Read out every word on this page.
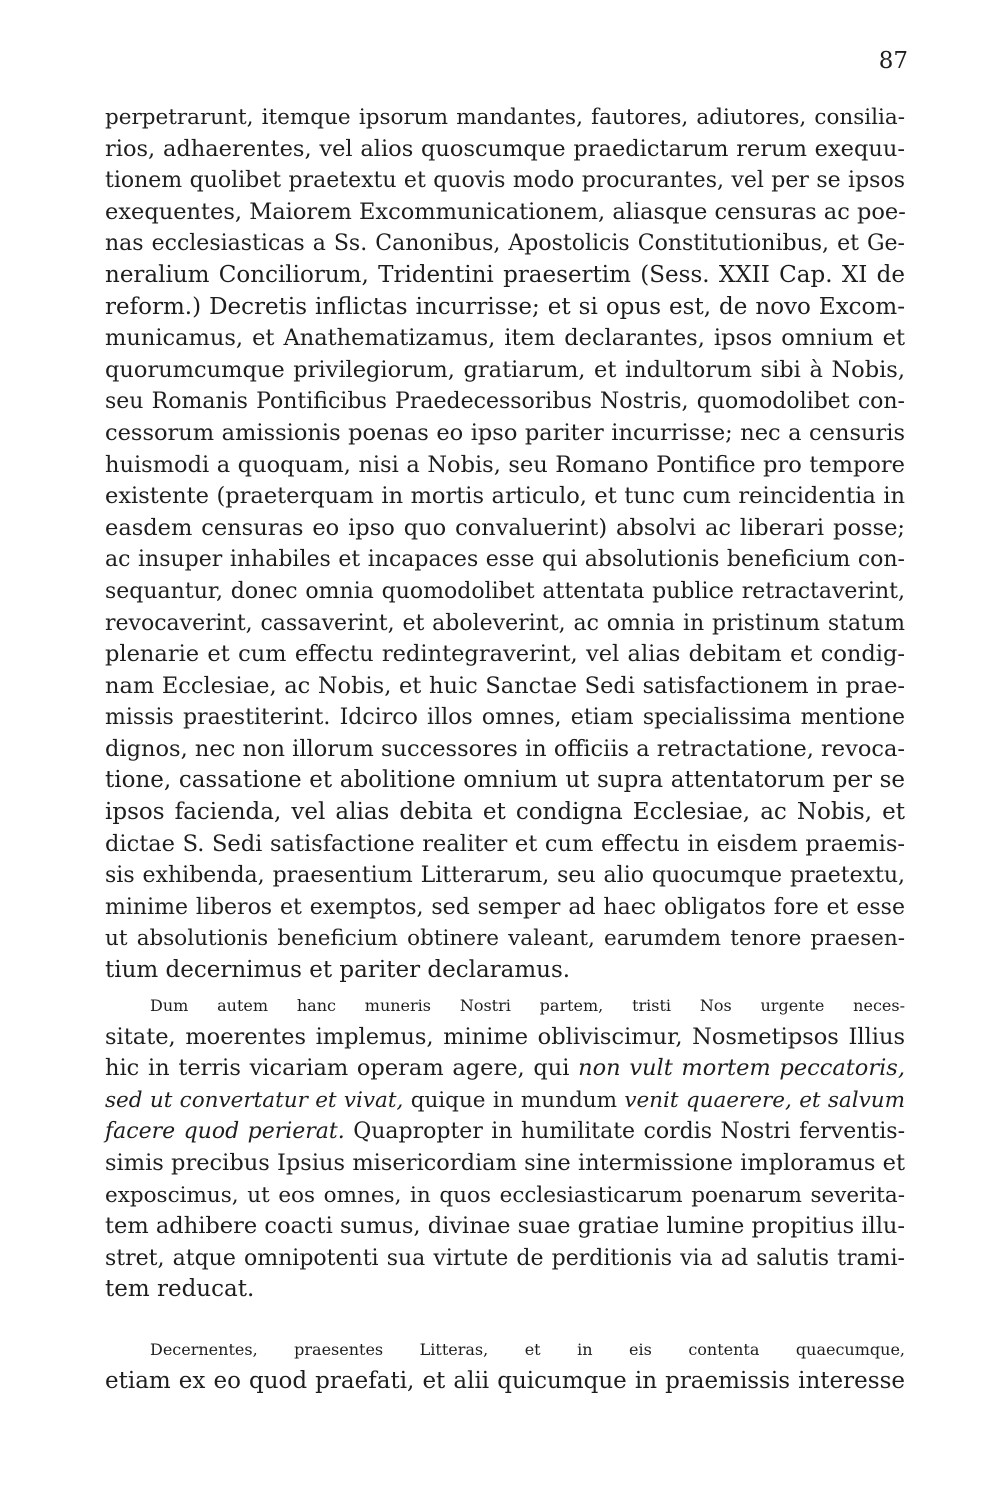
87
perpetrarunt, itemque ipsorum mandantes, fautores, adiutores, consilia-
rios, adhaerentes, vel alios quoscumque praedictarum rerum exequu-
tionem quolibet praetextu et quovis modo procurantes, vel per se ipsos
exequentes, Maiorem Excommunicationem, aliasque censuras ac poe-
nas ecclesiasticas a Ss. Canonibus, Apostolicis Constitutionibus, et Ge-
neralium Conciliorum, Tridentini praesertim (Sess. XXII Cap. XI de
reform.) Decretis inflictas incurrisse; et si opus est, de novo Excom-
municamus, et Anathematizamus, item declarantes, ipsos omnium et
quorumcumque privilegiorum, gratiarum, et indultorum sibi à Nobis,
seu Romanis Pontificibus Praedecessoribus Nostris, quomodolibet con-
cessorum amissionis poenas eo ipso pariter incurrisse; nec a censuris
huismodi a quoquam, nisi a Nobis, seu Romano Pontifice pro tempore
existente (praeterquam in mortis articulo, et tunc cum reincidentia in
easdem censuras eo ipso quo convaluerint) absolvi ac liberari posse;
ac insuper inhabiles et incapaces esse qui absolutionis beneficium con-
sequantur, donec omnia quomodolibet attentata publice retractaverint,
revocaverint, cassaverint, et aboleverint, ac omnia in pristinum statum
plenarie et cum effectu redintegraverint, vel alias debitam et condig-
nam Ecclesiae, ac Nobis, et huic Sanctae Sedi satisfactionem in prae-
missis praestiterint. Idcirco illos omnes, etiam specialissima mentione
dignos, nec non illorum successores in officiis a retractatione, revoca-
tione, cassatione et abolitione omnium ut supra attentatorum per se
ipsos facienda, vel alias debita et condigna Ecclesiae, ac Nobis, et
dictae S. Sedi satisfactione realiter et cum effectu in eisdem praemis-
sis exhibenda, praesentium Litterarum, seu alio quocumque praetextu,
minime liberos et exemptos, sed semper ad haec obligatos fore et esse
ut absolutionis beneficium obtinere valeant, earumdem tenore praesen-
tium decernimus et pariter declaramus.
Dum autem hanc muneris Nostri partem, tristi Nos urgente neces-
sitate, moerentes implemus, minime obliviscimur, Nosmetipsos Illius
hic in terris vicariam operam agere, qui non vult mortem peccatoris,
sed ut convertatur et vivat, quique in mundum venit quaerere, et salvum
facere quod perierat. Quapropter in humilitate cordis Nostri ferventis-
simis precibus Ipsius misericordiam sine intermissione imploramus et
exposcimus, ut eos omnes, in quos ecclesiasticarum poenarum severita-
tem adhibere coacti sumus, divinae suae gratiae lumine propitius illu-
stret, atque omnipotenti sua virtute de perditionis via ad salutis trami-
tem reducat.
Decernentes, praesentes Litteras, et in eis contenta quaecumque,
etiam ex eo quod praefati, et alii quicumque in praemissis interesse
